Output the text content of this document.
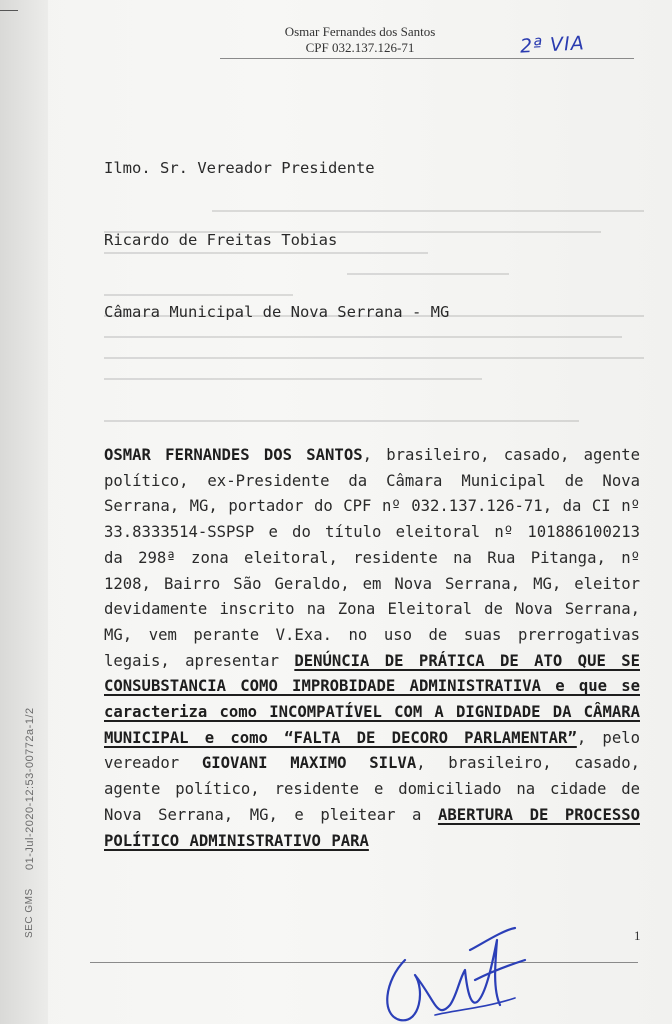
Osmar Fernandes dos Santos
CPF 032.137.126-71	2ª VIA

Ilmo. Sr. Vereador Presidente

Ricardo de Freitas Tobias

Câmara Municipal de Nova Serrana - MG

OSMAR FERNANDES DOS SANTOS, brasileiro, casado, agente político, ex-Presidente da Câmara Municipal de Nova Serrana, MG, portador do CPF nº 032.137.126-71, da CI nº 33.8333514-SSPSP e do título eleitoral nº 101886100213 da 298ª zona eleitoral, residente na Rua Pitanga, nº 1208, Bairro São Geraldo, em Nova Serrana, MG, eleitor devidamente inscrito na Zona Eleitoral de Nova Serrana, MG, vem perante V.Exa. no uso de suas prerrogativas legais, apresentar DENÚNCIA DE PRÁTICA DE ATO QUE SE CONSUBSTANCIA COMO IMPROBIDADE ADMINISTRATIVA e que se caracteriza como INCOMPATÍVEL COM A DIGNIDADE DA CÂMARA MUNICIPAL e como “FALTA DE DECORO PARLAMENTAR”, pelo vereador GIOVANI MAXIMO SILVA, brasileiro, casado, agente político, residente e domiciliado na cidade de Nova Serrana, MG, e pleitear a ABERTURA DE PROCESSO POLÍTICO ADMINISTRATIVO PARA
01-Jul-2020-12:53-00772a-1/2
SEC GMS	1
